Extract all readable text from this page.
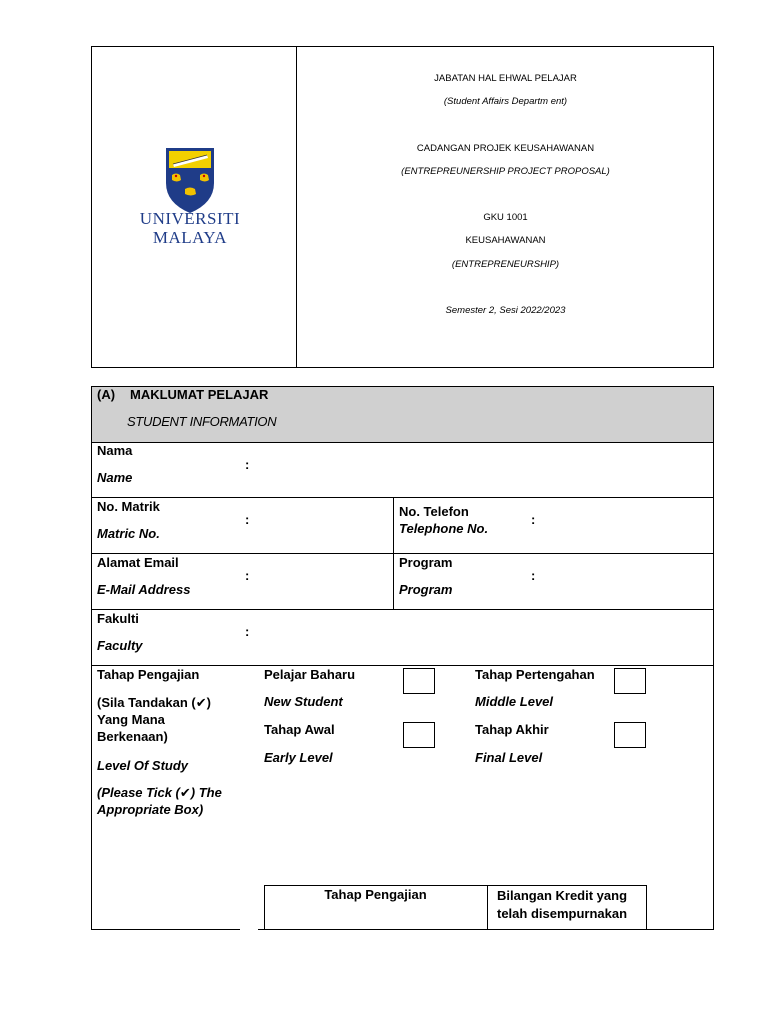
UNIVERSITI
MALAYA
JABATAN HAL EHWAL PELAJAR
(Student Affairs Departm ent)
CADANGAN PROJEK KEUSAHAWANAN
(ENTREPREUNERSHIP PROJECT PROPOSAL)
GKU 1001
KEUSAHAWANAN
(ENTREPRENEURSHIP)
Semester 2, Sesi 2022/2023
(A) MAKLUMAT PELAJAR
STUDENT INFORMATION
Nama
Name
:
No. Matrik
Matric No.
:
No. Telefon
Telephone No.
:
Alamat Email
E-Mail Address
:
Program
Program
:
Fakulti
Faculty
:
Tahap Pengajian
(Sila Tandakan (✔) Yang Mana Berkenaan)
Level Of Study
(Please Tick (✔) The Appropriate Box)
Pelajar Baharu
New Student
Tahap Awal
Early Level
Tahap Pertengahan
Middle Level
Tahap Akhir
Final Level
Tahap Pengajian	Bilangan Kredit yang telah disempurnakan
